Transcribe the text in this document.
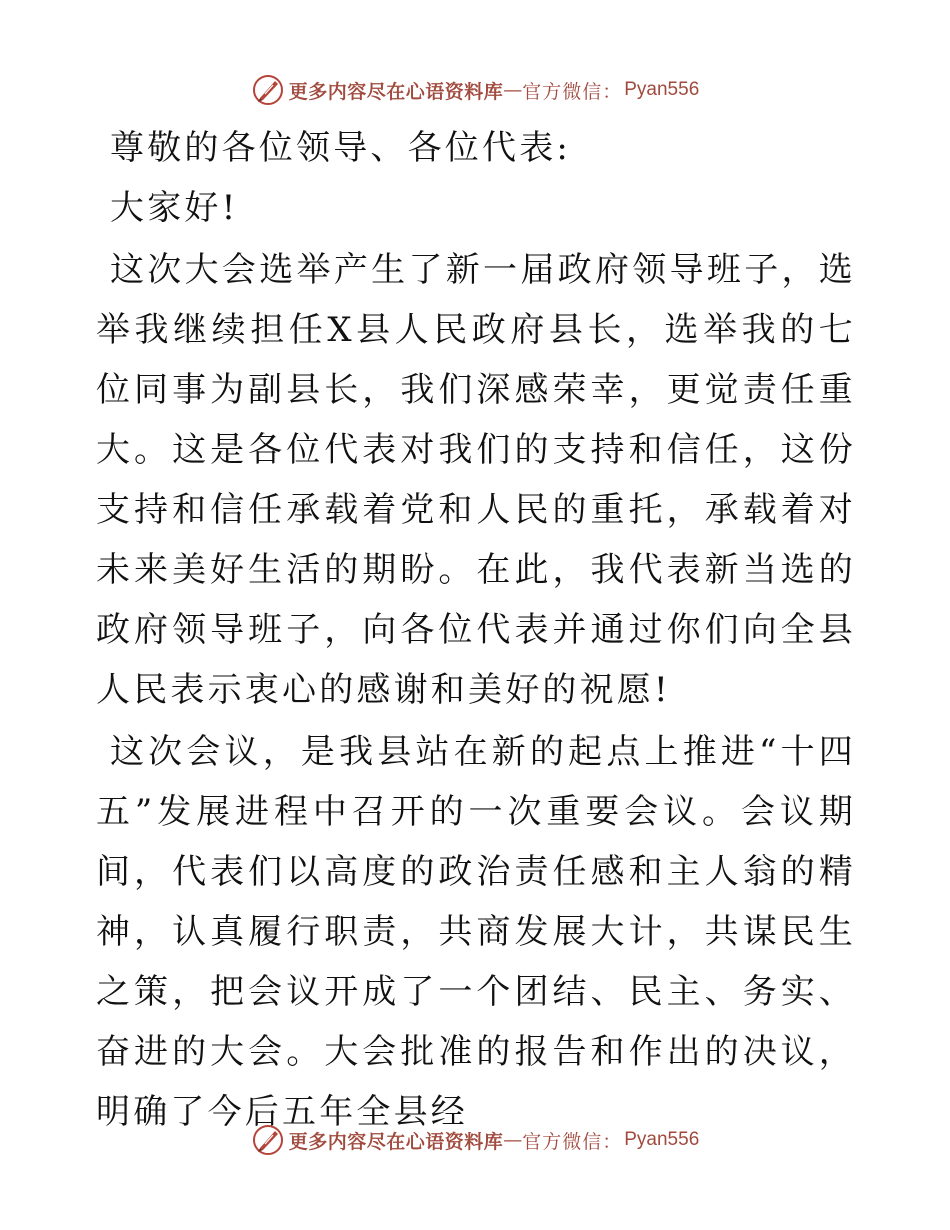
更多内容尽在心语资料库 — 官方微信： Pyan556

尊敬的各位领导、各位代表:

大家好!

这次大会选举产生了新一届政府领导班子，选举我继续担任X县人民政府县长，选举我的七位同事为副县长，我们深感荣幸，更觉责任重大。这是各位代表对我们的支持和信任，这份支持和信任承载着党和人民的重托，承载着对未来美好生活的期盼。在此，我代表新当选的政府领导班子，向各位代表并通过你们向全县人民表示衷心的感谢和美好的祝愿!

这次会议，是我县站在新的起点上推进“十四五”发展进程中召开的一次重要会议。会议期间，代表们以高度的政治责任感和主人翁的精神，认真履行职责，共商发展大计，共谋民生之策，把会议开成了一个团结、民主、务实、奋进的大会。大会批准的报告和作出的决议，明确了今后五年全县经

更多内容尽在心语资料库 — 官方微信： Pyan556
